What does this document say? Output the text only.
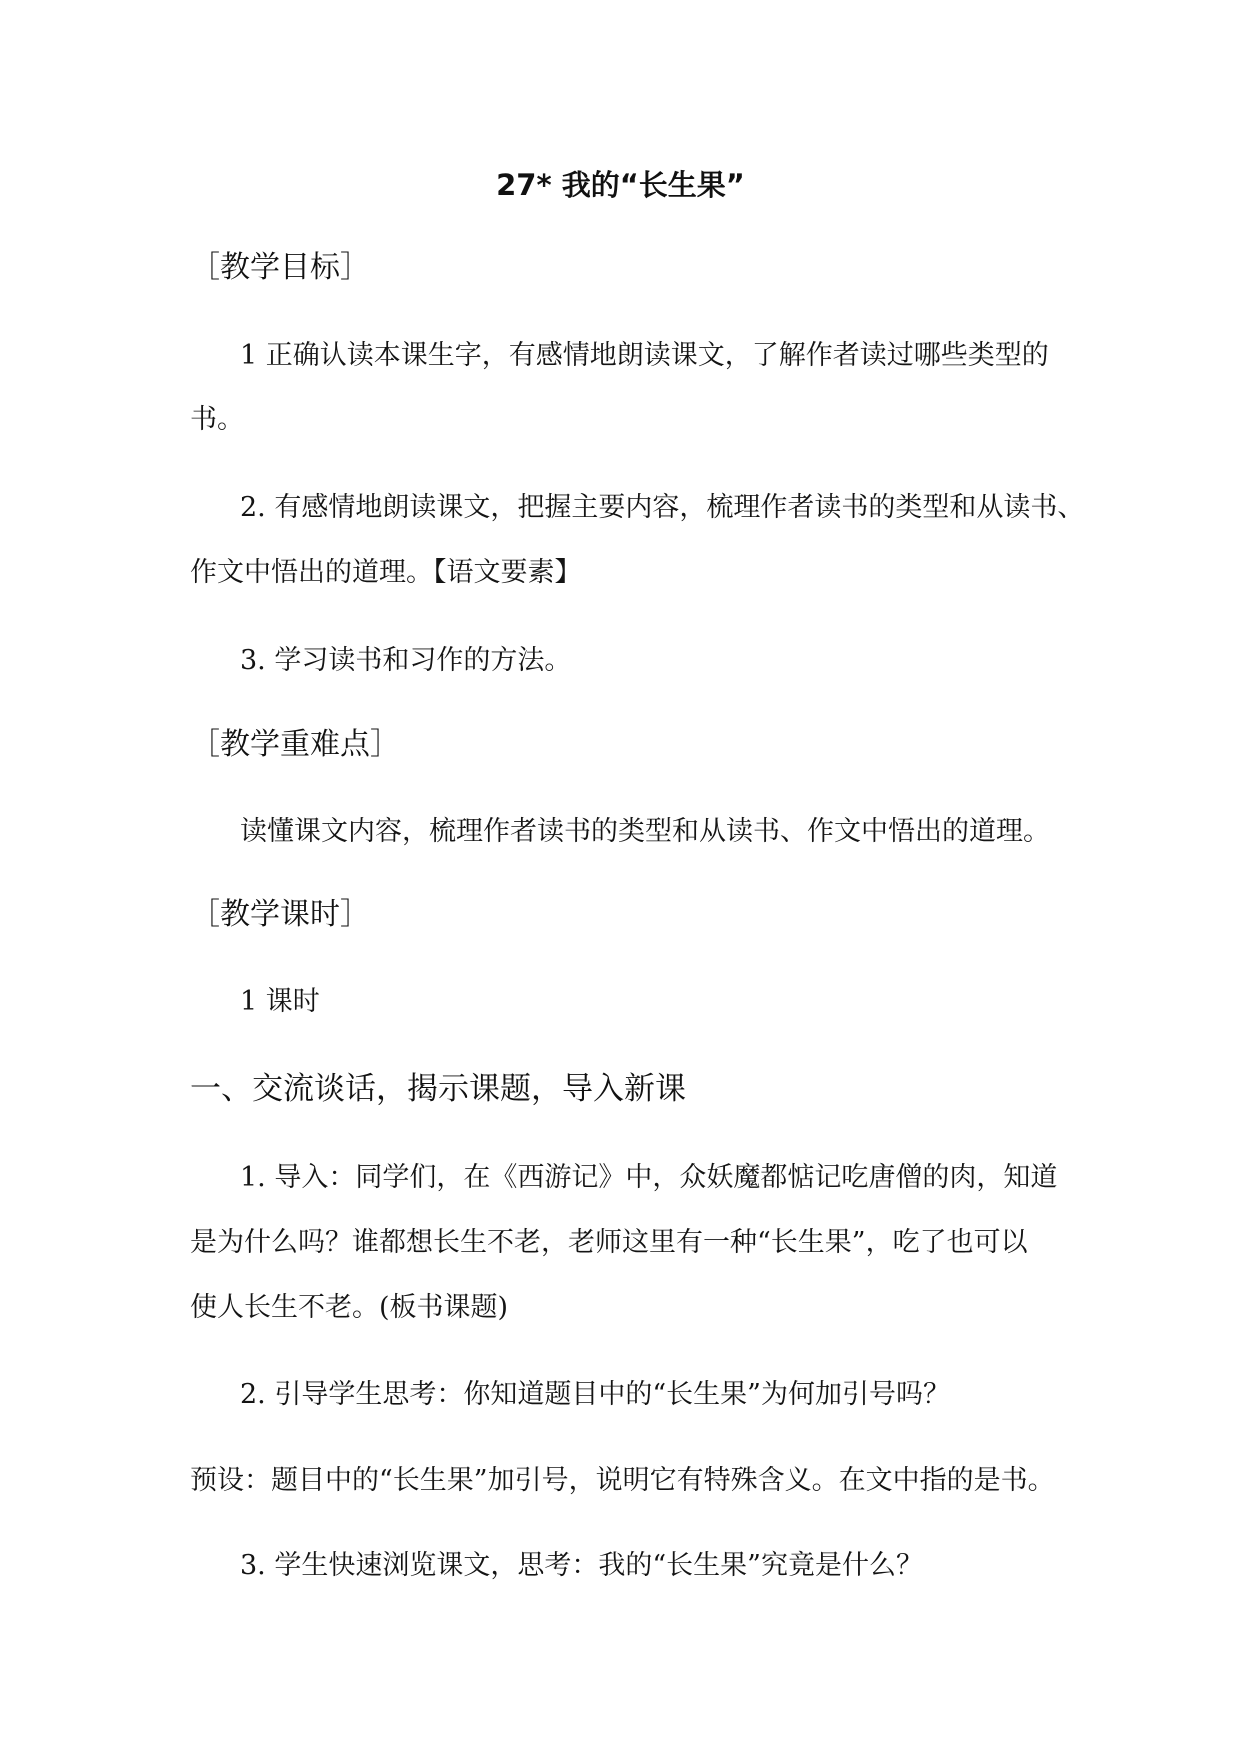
27* 我的“长生果”
［教学目标］
1 正确认读本课生字，有感情地朗读课文，了解作者读过哪些类型的
书。
2. 有感情地朗读课文，把握主要内容，梳理作者读书的类型和从读书、
作文中悟出的道理。【语文要素】
3. 学习读书和习作的方法。
［教学重难点］
读懂课文内容，梳理作者读书的类型和从读书、作文中悟出的道理。
［教学课时］
1 课时
一、交流谈话，揭示课题，导入新课
1. 导入：同学们，在《西游记》中，众妖魔都惦记吃唐僧的肉，知道
是为什么吗？谁都想长生不老，老师这里有一种“长生果”，吃了也可以
使人长生不老。(板书课题)
2. 引导学生思考：你知道题目中的“长生果”为何加引号吗？
预设：题目中的“长生果”加引号，说明它有特殊含义。在文中指的是书。
3. 学生快速浏览课文，思考：我的“长生果”究竟是什么？
